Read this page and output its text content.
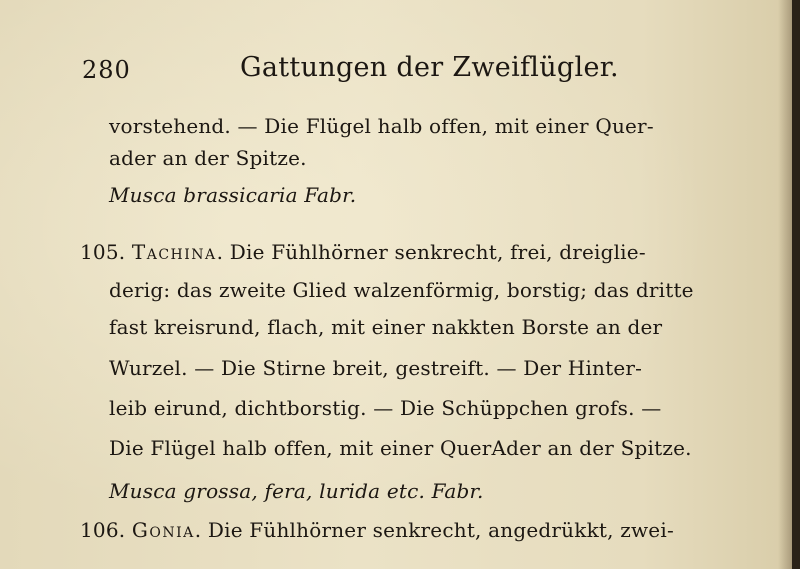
280	Gattungen der Zweiflügler.
vorstehend. — Die Flügel halb offen, mit einer Quer-
ader an der Spitze.
Musca brassicaria Fabr.
105. Tachina. Die Fühlhörner senkrecht, frei, dreiglie-
derig: das zweite Glied walzenförmig, borstig; das dritte
fast kreisrund, flach, mit einer nakkten Borste an der
Wurzel. — Die Stirne breit, gestreift. — Der Hinter-
leib eirund, dichtborstig. — Die Schüppchen grofs. —
Die Flügel halb offen, mit einer QuerAder an der Spitze.
Musca grossa, fera, lurida etc. Fabr.
106. Gonia. Die Fühlhörner senkrecht, angedrükkt, zwei-
